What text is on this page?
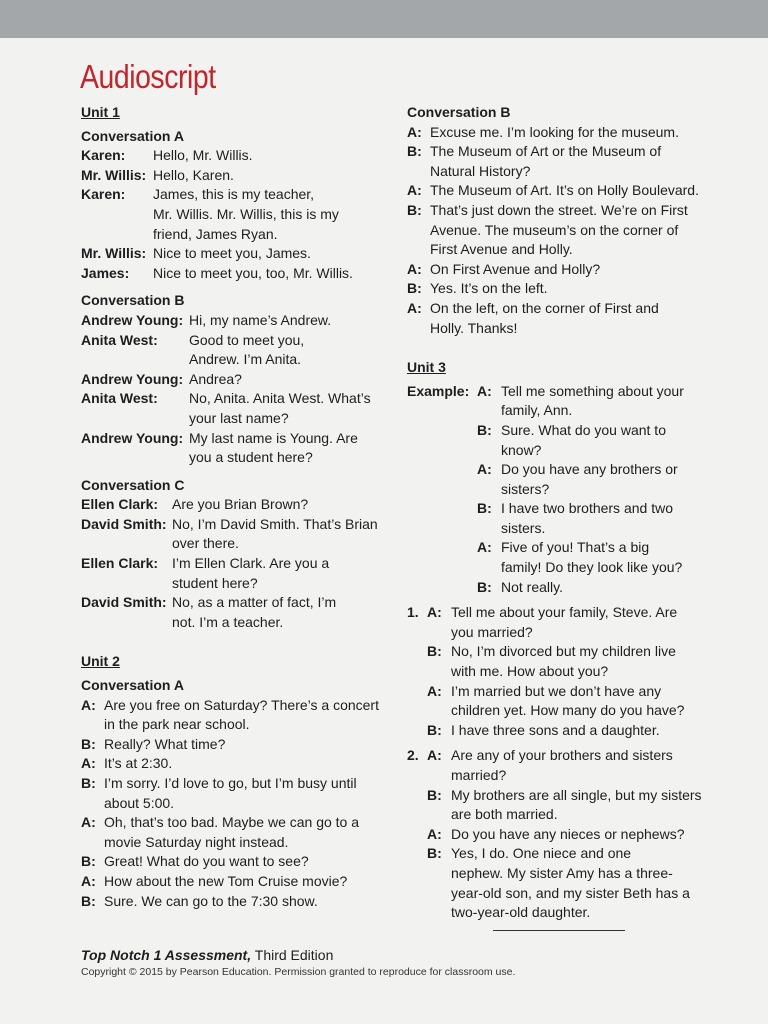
Audioscript
Unit 1
Conversation A
Karen:	Hello, Mr. Willis.
Mr. Willis: Hello, Karen.
Karen:	James, this is my teacher,
Mr. Willis. Mr. Willis, this is my
friend, James Ryan.
Mr. Willis: Nice to meet you, James.
James:	Nice to meet you, too, Mr. Willis.
Conversation B
Andrew Young: Hi, my name’s Andrew.
Anita West:	Good to meet you,
Andrew. I’m Anita.
Andrew Young: Andrea?
Anita West:	No, Anita. Anita West. What’s
your last name?
Andrew Young: My last name is Young. Are
you a student here?
Conversation C
Ellen Clark: Are you Brian Brown?
David Smith: No, I’m David Smith. That’s Brian
over there.
Ellen Clark: I’m Ellen Clark. Are you a
student here?
David Smith: No, as a matter of fact, I’m
not. I’m a teacher.
Unit 2
Conversation A
A: Are you free on Saturday? There’s a concert
in the park near school.
B: Really? What time?
A: It’s at 2:30.
B: I’m sorry. I’d love to go, but I’m busy until
about 5:00.
A: Oh, that’s too bad. Maybe we can go to a
movie Saturday night instead.
B: Great! What do you want to see?
A: How about the new Tom Cruise movie?
B: Sure. We can go to the 7:30 show.
Conversation B
A: Excuse me. I’m looking for the museum.
B: The Museum of Art or the Museum of
Natural History?
A: The Museum of Art. It’s on Holly Boulevard.
B: That’s just down the street. We’re on First
Avenue. The museum’s on the corner of
First Avenue and Holly.
A: On First Avenue and Holly?
B: Yes. It’s on the left.
A: On the left, on the corner of First and
Holly. Thanks!
Unit 3
Example: A: Tell me something about your
family, Ann.
B: Sure. What do you want to
know?
A: Do you have any brothers or
sisters?
B: I have two brothers and two
sisters.
A: Five of you! That’s a big
family! Do they look like you?
B: Not really.
1. A: Tell me about your family, Steve. Are
you married?
B: No, I’m divorced but my children live
with me. How about you?
A: I’m married but we don’t have any
children yet. How many do you have?
B: I have three sons and a daughter.
2. A: Are any of your brothers and sisters
married?
B: My brothers are all single, but my sisters
are both married.
A: Do you have any nieces or nephews?
B: Yes, I do. One niece and one
nephew. My sister Amy has a three-
year-old son, and my sister Beth has a
two-year-old daughter.
Top Notch 1 Assessment, Third Edition
Copyright © 2015 by Pearson Education. Permission granted to reproduce for classroom use.
